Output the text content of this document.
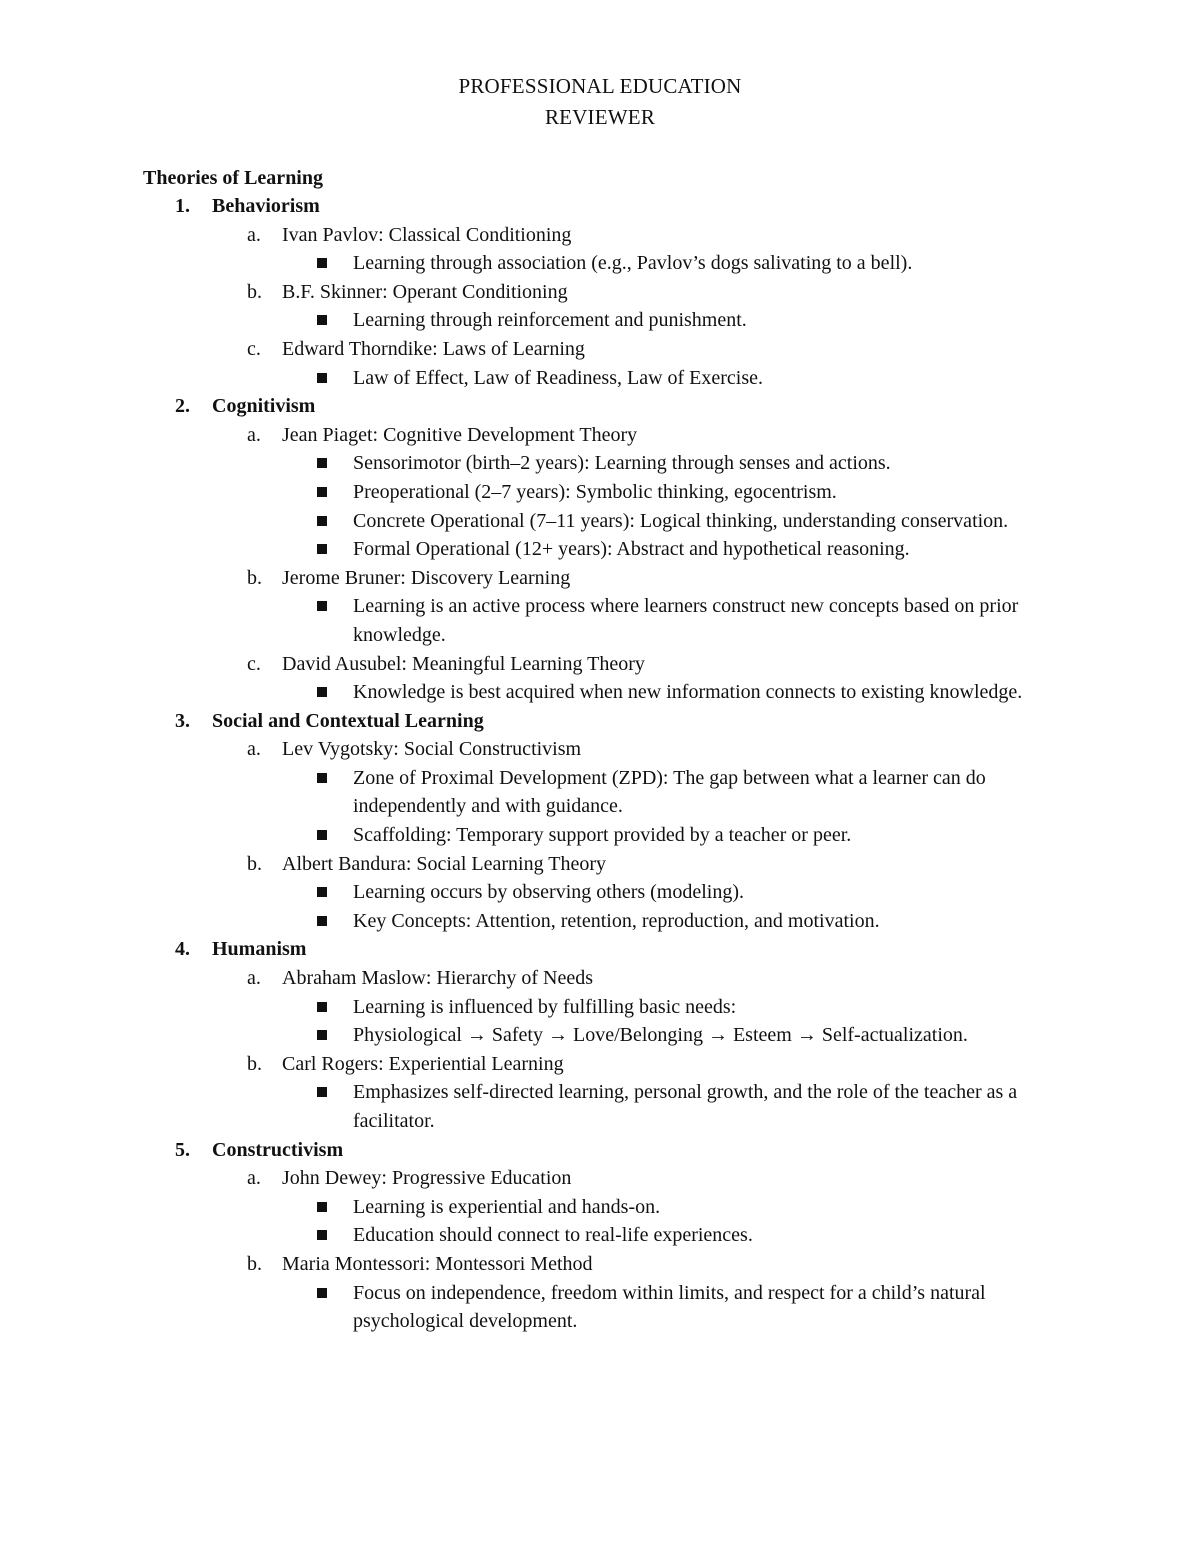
PROFESSIONAL EDUCATION
REVIEWER
Theories of Learning
1. Behaviorism
a. Ivan Pavlov: Classical Conditioning
Learning through association (e.g., Pavlov’s dogs salivating to a bell).
b. B.F. Skinner: Operant Conditioning
Learning through reinforcement and punishment.
c. Edward Thorndike: Laws of Learning
Law of Effect, Law of Readiness, Law of Exercise.
2. Cognitivism
a. Jean Piaget: Cognitive Development Theory
Sensorimotor (birth–2 years): Learning through senses and actions.
Preoperational (2–7 years): Symbolic thinking, egocentrism.
Concrete Operational (7–11 years): Logical thinking, understanding conservation.
Formal Operational (12+ years): Abstract and hypothetical reasoning.
b. Jerome Bruner: Discovery Learning
Learning is an active process where learners construct new concepts based on prior knowledge.
c. David Ausubel: Meaningful Learning Theory
Knowledge is best acquired when new information connects to existing knowledge.
3. Social and Contextual Learning
a. Lev Vygotsky: Social Constructivism
Zone of Proximal Development (ZPD): The gap between what a learner can do independently and with guidance.
Scaffolding: Temporary support provided by a teacher or peer.
b. Albert Bandura: Social Learning Theory
Learning occurs by observing others (modeling).
Key Concepts: Attention, retention, reproduction, and motivation.
4. Humanism
a. Abraham Maslow: Hierarchy of Needs
Learning is influenced by fulfilling basic needs:
Physiological → Safety → Love/Belonging → Esteem → Self-actualization.
b. Carl Rogers: Experiential Learning
Emphasizes self-directed learning, personal growth, and the role of the teacher as a facilitator.
5. Constructivism
a. John Dewey: Progressive Education
Learning is experiential and hands-on.
Education should connect to real-life experiences.
b. Maria Montessori: Montessori Method
Focus on independence, freedom within limits, and respect for a child’s natural psychological development.
